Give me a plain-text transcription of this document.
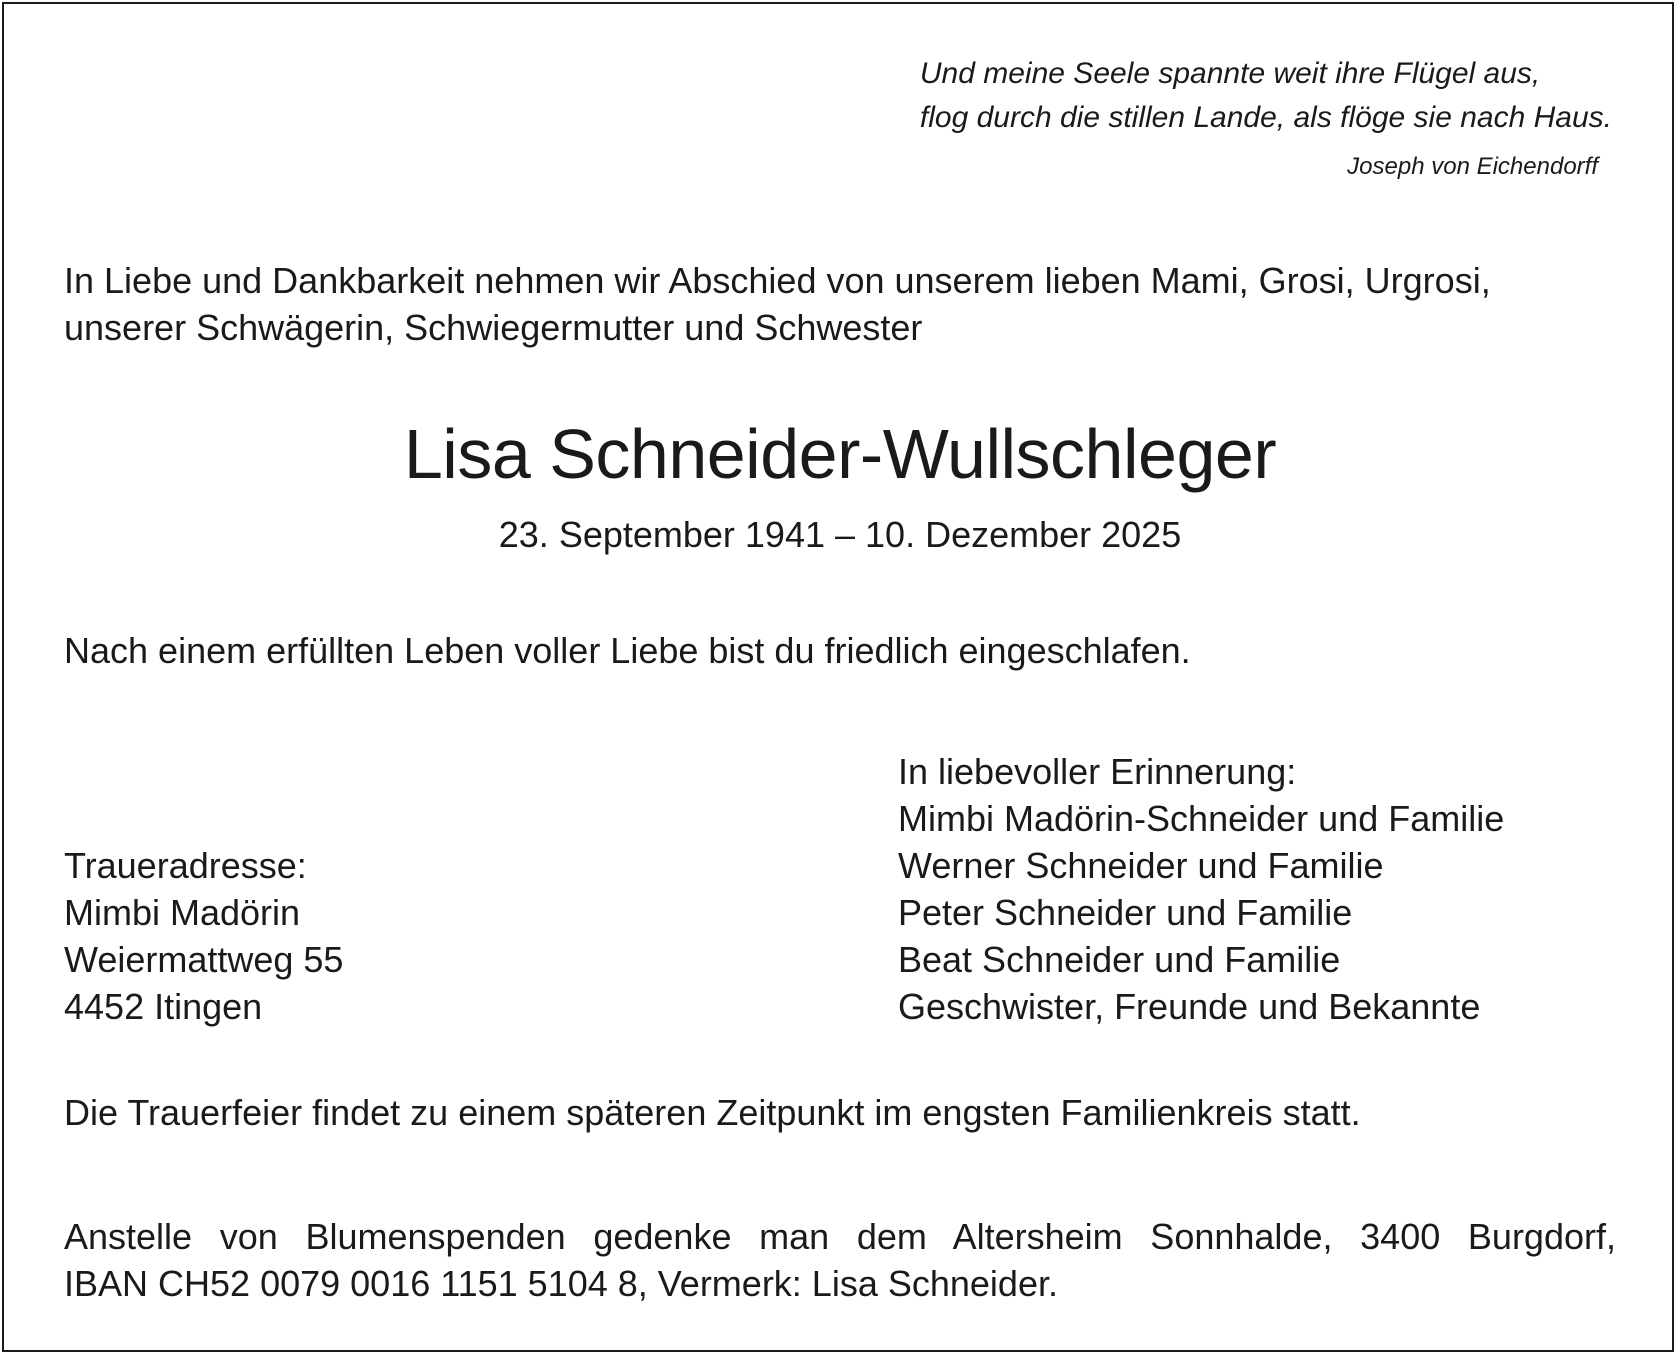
Und meine Seele spannte weit ihre Flügel aus,
flog durch die stillen Lande, als flöge sie nach Haus.
Joseph von Eichendorff
In Liebe und Dankbarkeit nehmen wir Abschied von unserem lieben Mami, Grosi, Urgrosi,
unserer Schwägerin, Schwiegermutter und Schwester
Lisa Schneider-Wullschleger
23. September 1941 – 10. Dezember 2025
Nach einem erfüllten Leben voller Liebe bist du friedlich eingeschlafen.
In liebevoller Erinnerung:
Mimbi Madörin-Schneider und Familie
Werner Schneider und Familie
Peter Schneider und Familie
Beat Schneider und Familie
Geschwister, Freunde und Bekannte
Traueradresse:
Mimbi Madörin
Weiermattweg 55
4452 Itingen
Die Trauerfeier findet zu einem späteren Zeitpunkt im engsten Familienkreis statt.
Anstelle von Blumenspenden gedenke man dem Altersheim Sonnhalde, 3400 Burgdorf,
IBAN CH52 0079 0016 1151 5104 8, Vermerk: Lisa Schneider.
